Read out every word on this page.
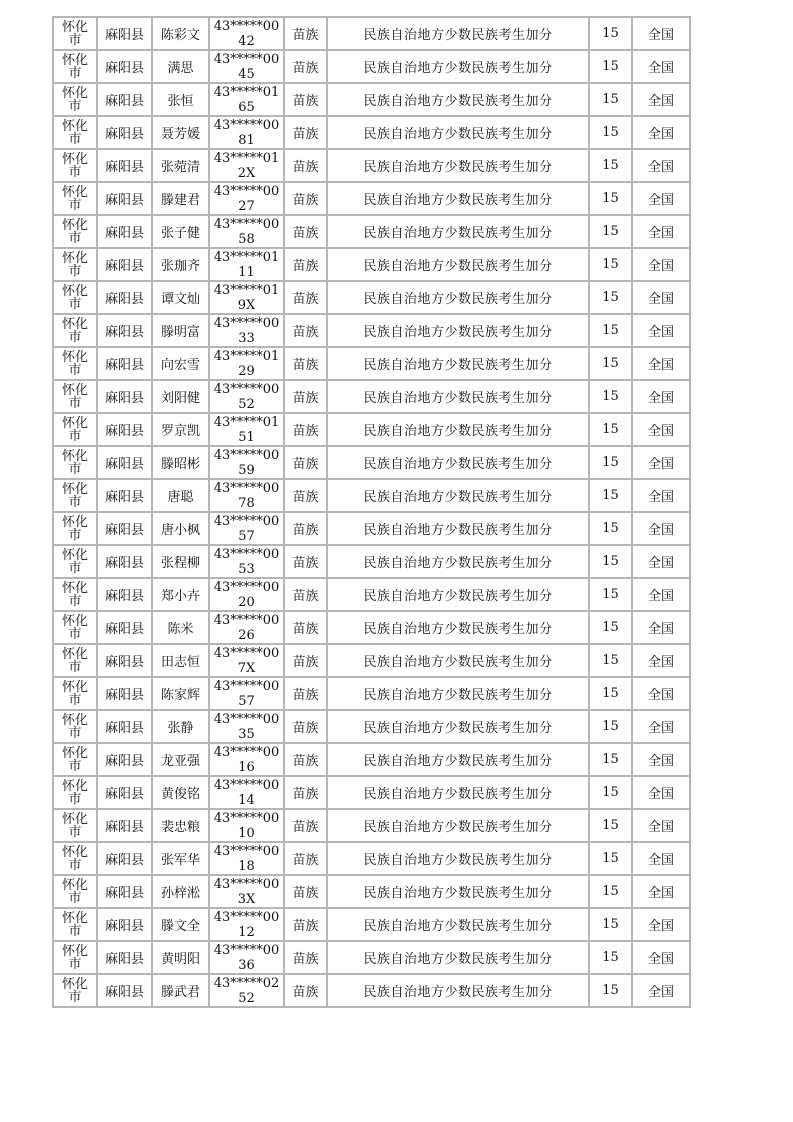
怀化市	麻阳县	陈彩文	43*****0042	苗族	民族自治地方少数民族考生加分	15	全国

怀化市	麻阳县	满思	43*****0045	苗族	民族自治地方少数民族考生加分	15	全国

怀化市	麻阳县	张恒	43*****0165	苗族	民族自治地方少数民族考生加分	15	全国

怀化市	麻阳县	聂芳媛	43*****0081	苗族	民族自治地方少数民族考生加分	15	全国

怀化市	麻阳县	张菀清	43*****012X	苗族	民族自治地方少数民族考生加分	15	全国

怀化市	麻阳县	滕建君	43*****0027	苗族	民族自治地方少数民族考生加分	15	全国

怀化市	麻阳县	张子健	43*****0058	苗族	民族自治地方少数民族考生加分	15	全国

怀化市	麻阳县	张珈齐	43*****0111	苗族	民族自治地方少数民族考生加分	15	全国

怀化市	麻阳县	谭文灿	43*****019X	苗族	民族自治地方少数民族考生加分	15	全国

怀化市	麻阳县	滕明富	43*****0033	苗族	民族自治地方少数民族考生加分	15	全国

怀化市	麻阳县	向宏雪	43*****0129	苗族	民族自治地方少数民族考生加分	15	全国

怀化市	麻阳县	刘阳健	43*****0052	苗族	民族自治地方少数民族考生加分	15	全国

怀化市	麻阳县	罗京凯	43*****0151	苗族	民族自治地方少数民族考生加分	15	全国

怀化市	麻阳县	滕昭彬	43*****0059	苗族	民族自治地方少数民族考生加分	15	全国

怀化市	麻阳县	唐聪	43*****0078	苗族	民族自治地方少数民族考生加分	15	全国

怀化市	麻阳县	唐小枫	43*****0057	苗族	民族自治地方少数民族考生加分	15	全国

怀化市	麻阳县	张程柳	43*****0053	苗族	民族自治地方少数民族考生加分	15	全国

怀化市	麻阳县	郑小卉	43*****0020	苗族	民族自治地方少数民族考生加分	15	全国

怀化市	麻阳县	陈米	43*****0026	苗族	民族自治地方少数民族考生加分	15	全国

怀化市	麻阳县	田志恒	43*****007X	苗族	民族自治地方少数民族考生加分	15	全国

怀化市	麻阳县	陈家辉	43*****0057	苗族	民族自治地方少数民族考生加分	15	全国

怀化市	麻阳县	张静	43*****0035	苗族	民族自治地方少数民族考生加分	15	全国

怀化市	麻阳县	龙亚强	43*****0016	苗族	民族自治地方少数民族考生加分	15	全国

怀化市	麻阳县	黄俊铭	43*****0014	苗族	民族自治地方少数民族考生加分	15	全国

怀化市	麻阳县	裴忠粮	43*****0010	苗族	民族自治地方少数民族考生加分	15	全国

怀化市	麻阳县	张军华	43*****0018	苗族	民族自治地方少数民族考生加分	15	全国

怀化市	麻阳县	孙梓淞	43*****003X	苗族	民族自治地方少数民族考生加分	15	全国

怀化市	麻阳县	滕文全	43*****0012	苗族	民族自治地方少数民族考生加分	15	全国

怀化市	麻阳县	黄明阳	43*****0036	苗族	民族自治地方少数民族考生加分	15	全国

怀化市	麻阳县	滕武君	43*****0252	苗族	民族自治地方少数民族考生加分	15	全国
